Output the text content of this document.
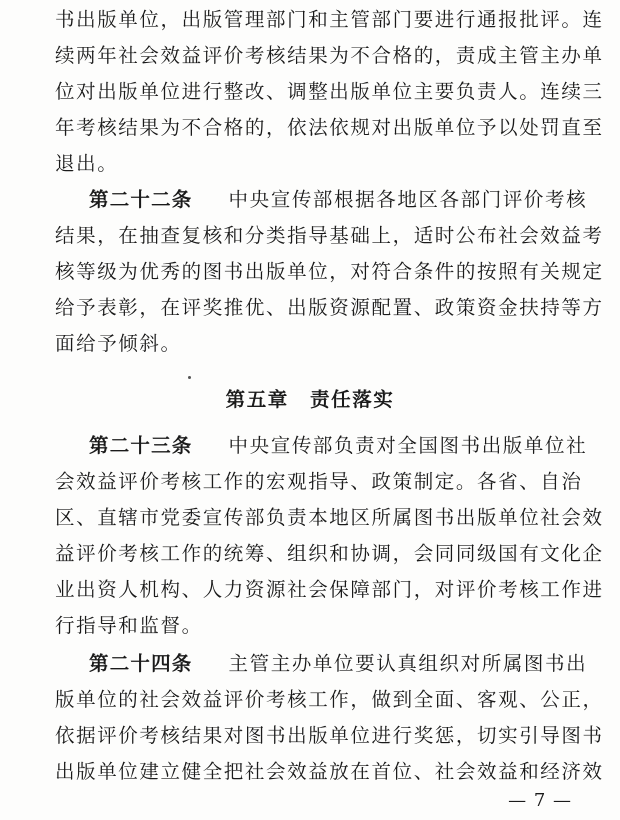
书出版单位，出版管理部门和主管部门要进行通报批评。连
续两年社会效益评价考核结果为不合格的，责成主管主办单
位对出版单位进行整改、调整出版单位主要负责人。连续三
年考核结果为不合格的，依法依规对出版单位予以处罚直至
退出。
第二十二条 中央宣传部根据各地区各部门评价考核
结果，在抽查复核和分类指导基础上，适时公布社会效益考
核等级为优秀的图书出版单位，对符合条件的按照有关规定
给予表彰，在评奖推优、出版资源配置、政策资金扶持等方
面给予倾斜。
第五章　责任落实
第二十三条 中央宣传部负责对全国图书出版单位社
会效益评价考核工作的宏观指导、政策制定。各省、自治
区、直辖市党委宣传部负责本地区所属图书出版单位社会效
益评价考核工作的统筹、组织和协调，会同同级国有文化企
业出资人机构、人力资源社会保障部门，对评价考核工作进
行指导和监督。
第二十四条 主管主办单位要认真组织对所属图书出
版单位的社会效益评价考核工作，做到全面、客观、公正，
依据评价考核结果对图书出版单位进行奖惩，切实引导图书
出版单位建立健全把社会效益放在首位、社会效益和经济效
— 7 —
